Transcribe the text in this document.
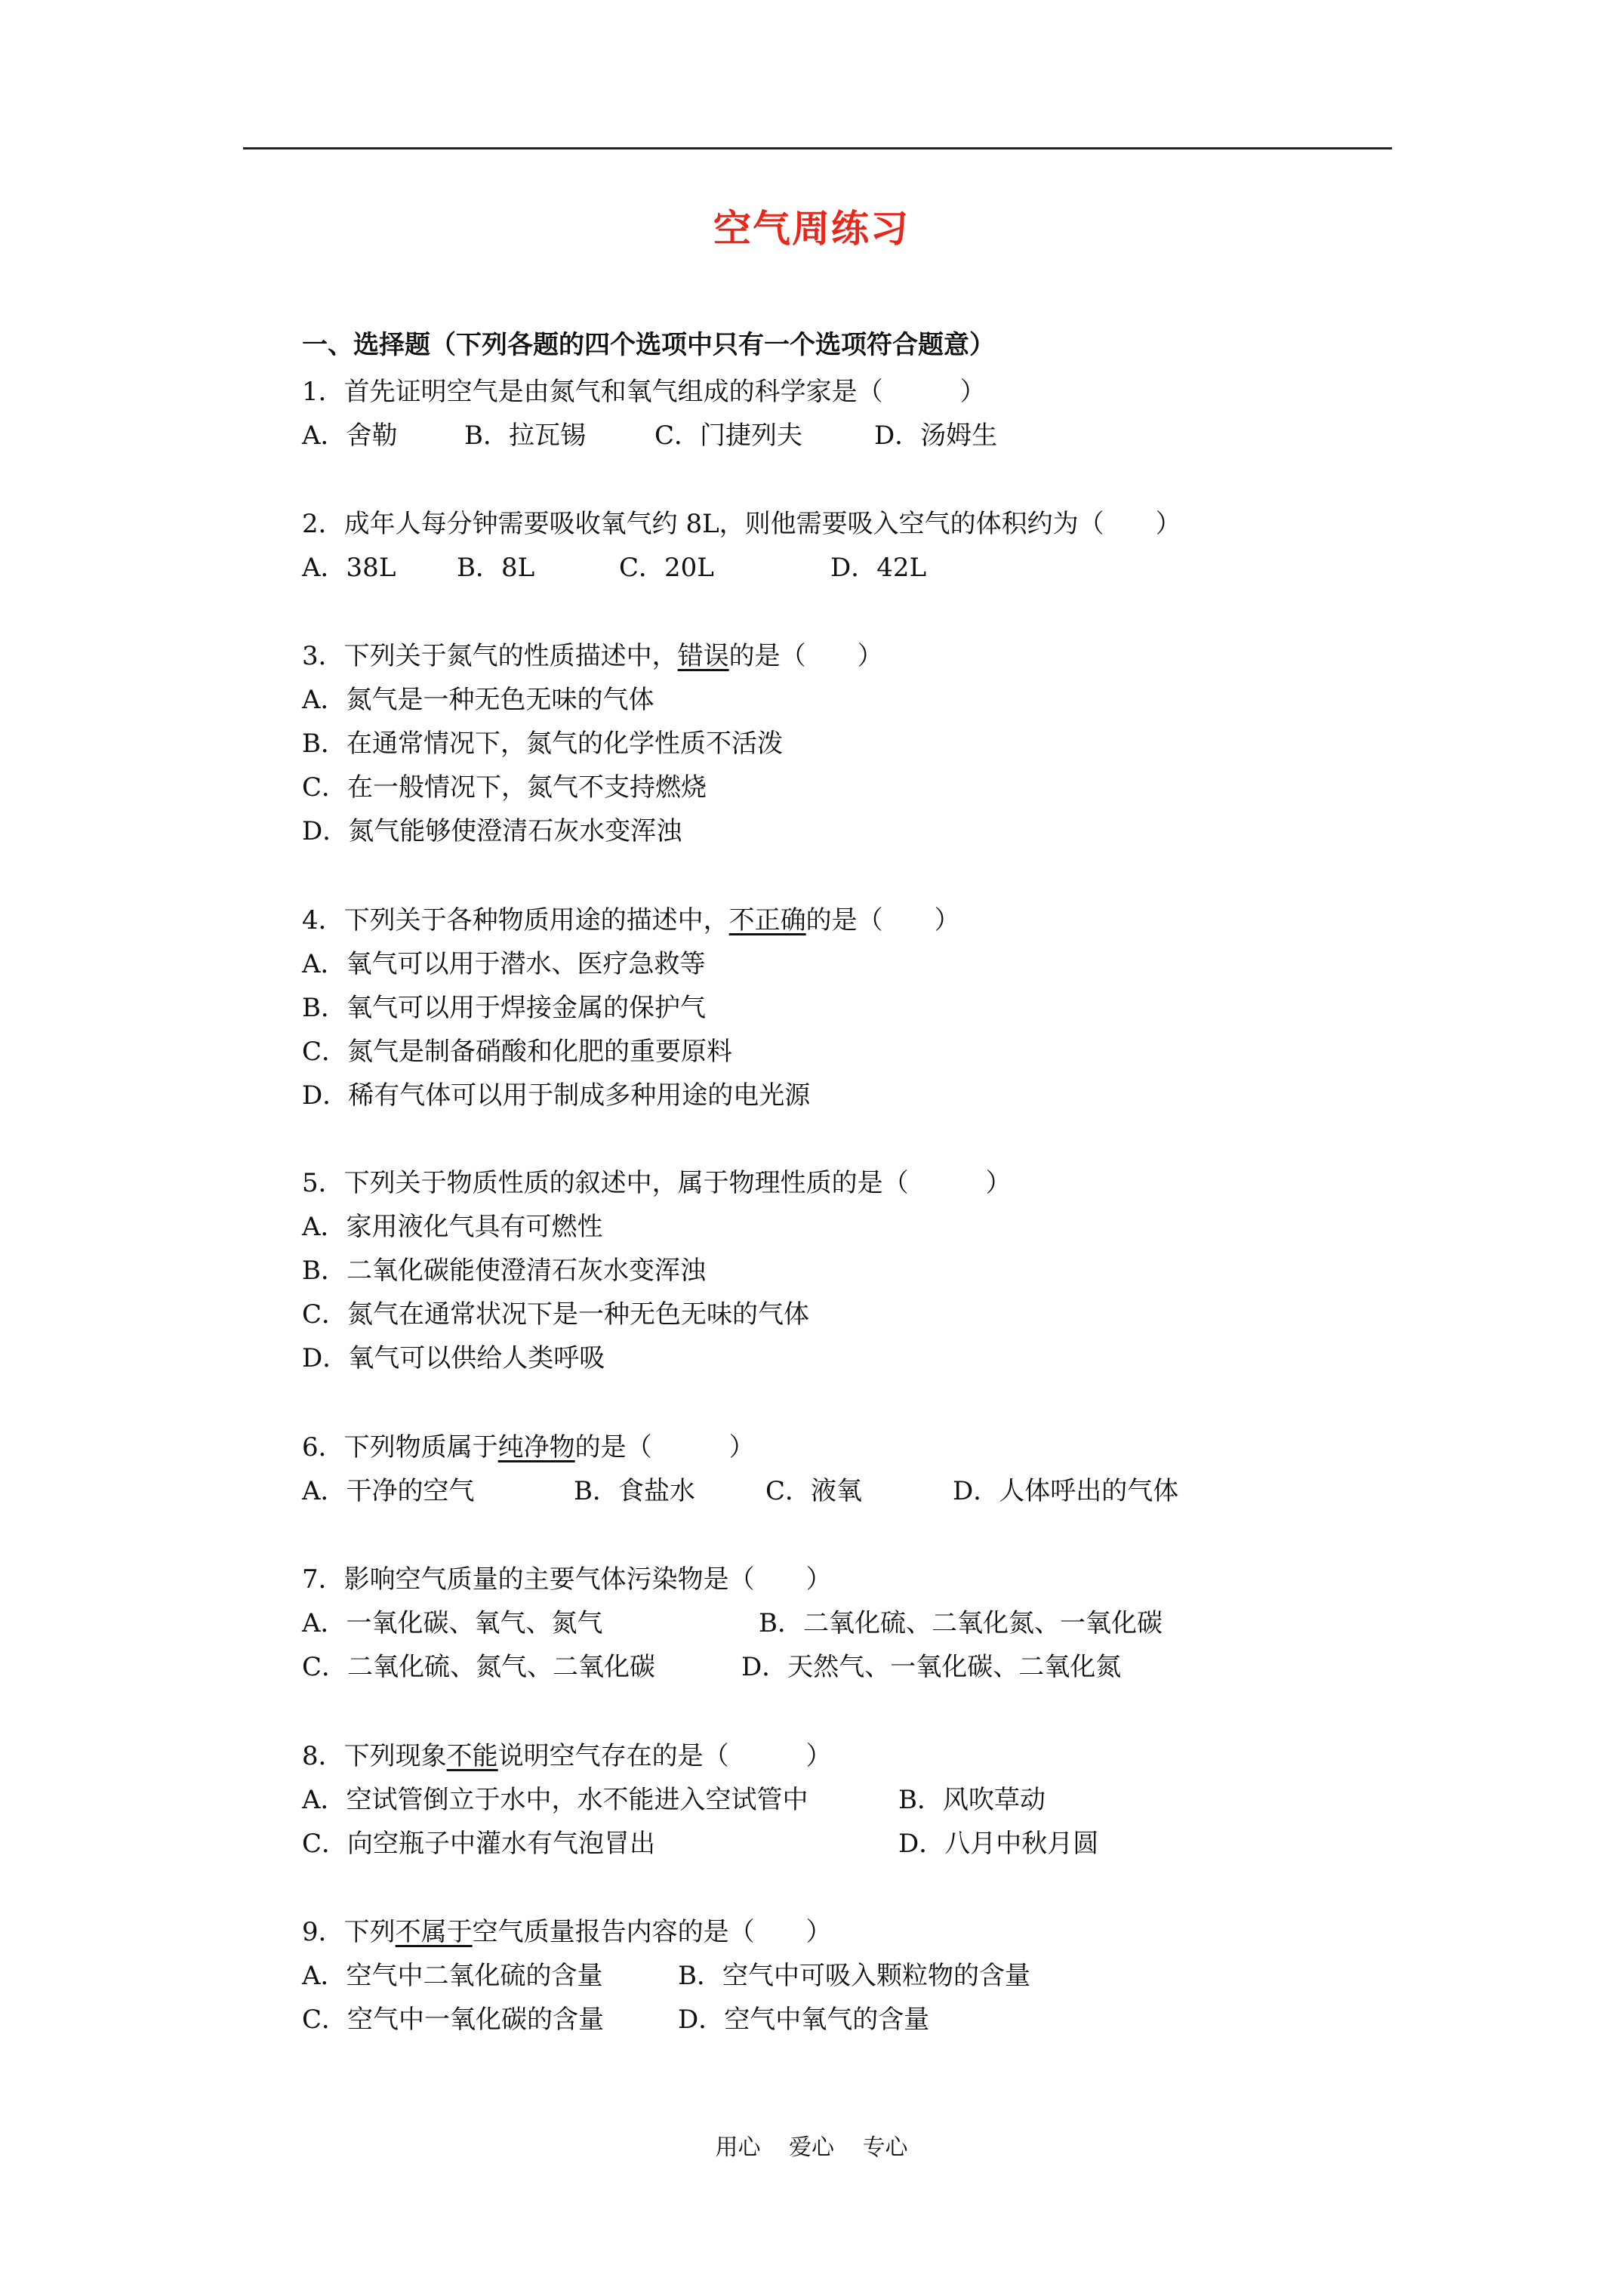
空气周练习
一、选择题（下列各题的四个选项中只有一个选项符合题意）
1．首先证明空气是由氮气和氧气组成的科学家是（　　　）
A．舍勒	B．拉瓦锡	C．门捷列夫	D．汤姆生
2．成年人每分钟需要吸收氧气约 8L，则他需要吸入空气的体积约为（　　）
A．38L B．8L	C．20L	D．42L
3．下列关于氮气的性质描述中，错误的是（　　）
A．氮气是一种无色无味的气体
B．在通常情况下，氮气的化学性质不活泼
C．在一般情况下，氮气不支持燃烧
D．氮气能够使澄清石灰水变浑浊
4．下列关于各种物质用途的描述中，不正确的是（　　）
A．氧气可以用于潜水、医疗急救等
B．氧气可以用于焊接金属的保护气
C．氮气是制备硝酸和化肥的重要原料
D．稀有气体可以用于制成多种用途的电光源
5．下列关于物质性质的叙述中，属于物理性质的是（　　　）
A．家用液化气具有可燃性
B．二氧化碳能使澄清石灰水变浑浊
C．氮气在通常状况下是一种无色无味的气体
D．氧气可以供给人类呼吸
6．下列物质属于纯净物的是（　　　）
A．干净的空气	B．食盐水	C．液氧	D．人体呼出的气体
7．影响空气质量的主要气体污染物是（　　）
A．一氧化碳、氧气、氮气	B．二氧化硫、二氧化氮、一氧化碳
C．二氧化硫、氮气、二氧化碳	D．天然气、一氧化碳、二氧化氮
8．下列现象不能说明空气存在的是（　　　）
A．空试管倒立于水中，水不能进入空试管中	B．风吹草动
C．向空瓶子中灌水有气泡冒出	D．八月中秋月圆
9．下列不属于空气质量报告内容的是（　　）
A．空气中二氧化硫的含量	B．空气中可吸入颗粒物的含量
C．空气中一氧化碳的含量	D．空气中氧气的含量
用心 爱心 专心
